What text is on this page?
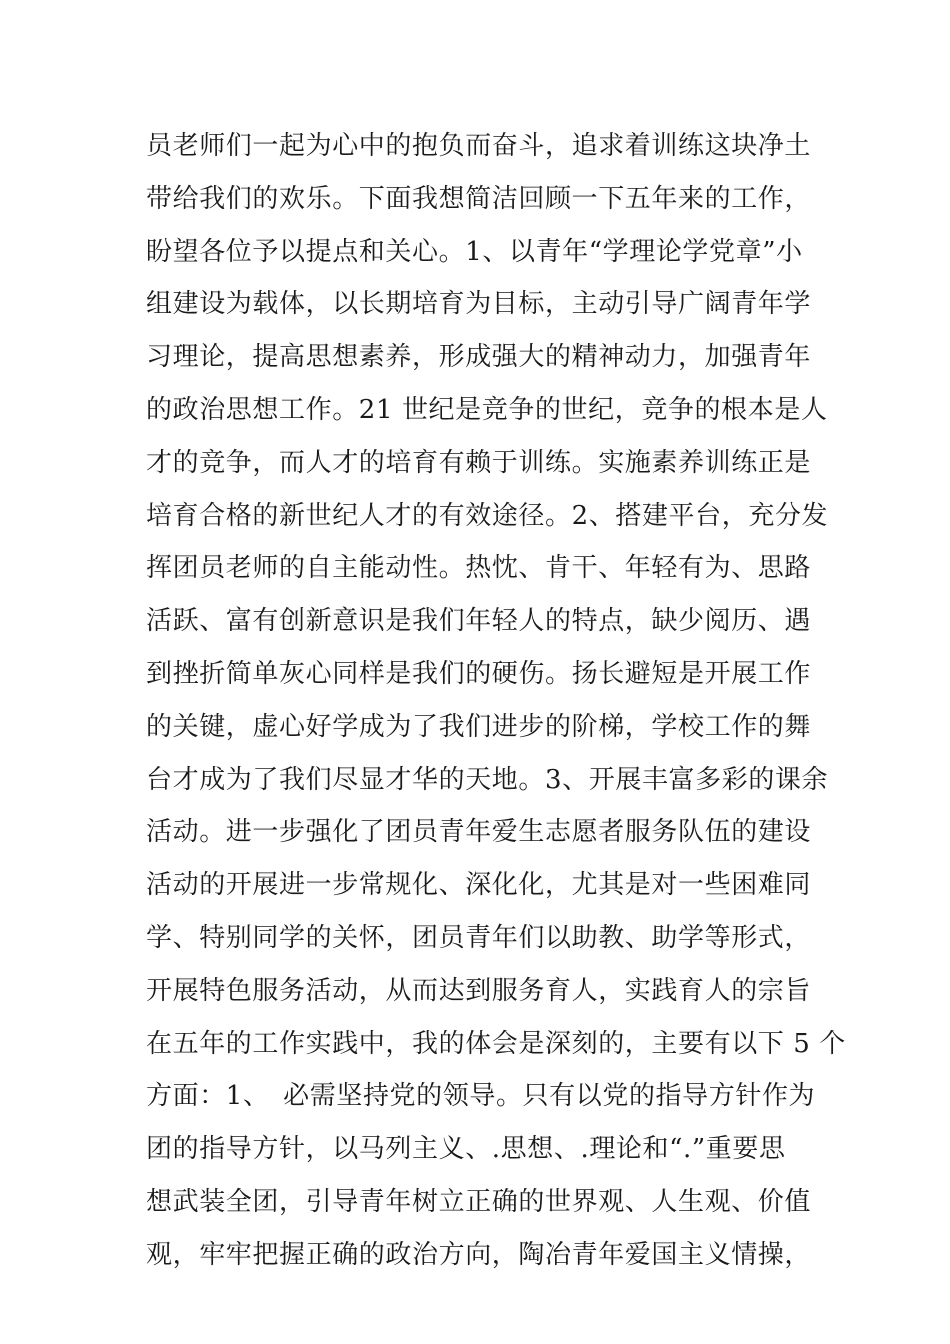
员老师们一起为心中的抱负而奋斗，追求着训练这块净土
带给我们的欢乐。下面我想简洁回顾一下五年来的工作，
盼望各位予以提点和关心。1、以青年“学理论学党章”小
组建设为载体，以长期培育为目标，主动引导广阔青年学
习理论，提高思想素养，形成强大的精神动力，加强青年
的政治思想工作。21 世纪是竞争的世纪，竞争的根本是人
才的竞争，而人才的培育有赖于训练。实施素养训练正是
培育合格的新世纪人才的有效途径。2、搭建平台，充分发
挥团员老师的自主能动性。热忱、肯干、年轻有为、思路
活跃、富有创新意识是我们年轻人的特点，缺少阅历、遇
到挫折简单灰心同样是我们的硬伤。扬长避短是开展工作
的关键，虚心好学成为了我们进步的阶梯，学校工作的舞
台才成为了我们尽显才华的天地。3、开展丰富多彩的课余
活动。进一步强化了团员青年爱生志愿者服务队伍的建设
活动的开展进一步常规化、深化化，尤其是对一些困难同
学、特别同学的关怀，团员青年们以助教、助学等形式，
开展特色服务活动，从而达到服务育人，实践育人的宗旨
在五年的工作实践中，我的体会是深刻的，主要有以下 5 个
方面：1、　必需坚持党的领导。只有以党的指导方针作为
团的指导方针，以马列主义、.思想、.理论和“.”重要思
想武装全团，引导青年树立正确的世界观、人生观、价值
观，牢牢把握正确的政治方向，陶冶青年爱国主义情操，
